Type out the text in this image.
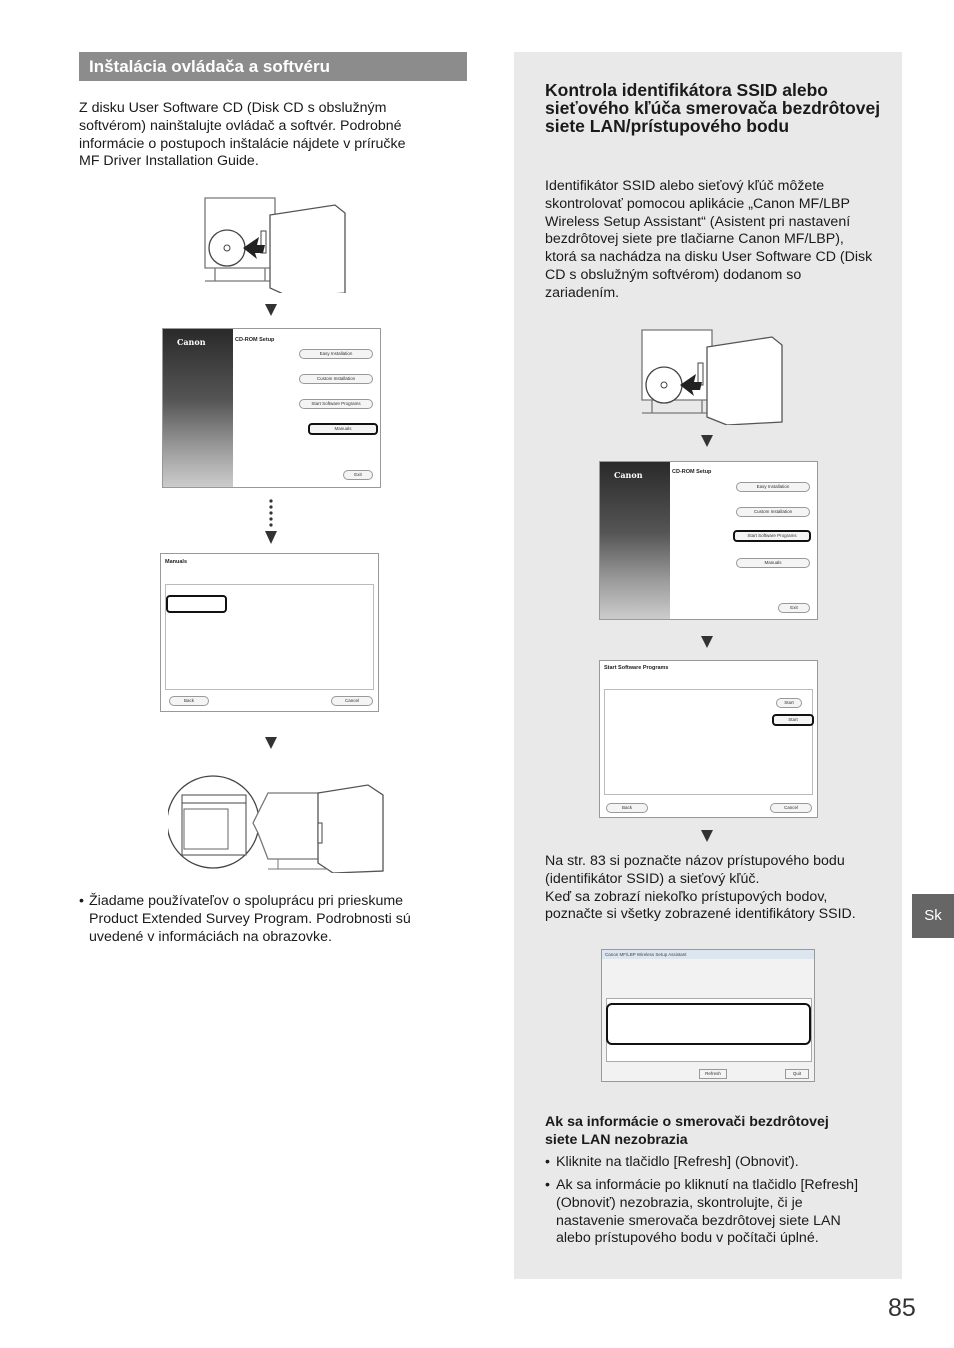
Inštalácia ovládača a softvéru
Z disku User Software CD (Disk CD s obslužným softvérom) nainštalujte ovládač a softvér. Podrobné informácie o postupoch inštalácie nájdete v príručke MF Driver Installation Guide.
Canon	CD-ROM Setup
Easy Installation
Custom Installation
Start Software Programs
Manuals
Exit
Manuals
Back	Cancel
• Žiadame používateľov o spoluprácu pri prieskume Product Extended Survey Program. Podrobnosti sú uvedené v informáciách na obrazovke.
Kontrola identifikátora SSID alebo sieťového kľúča smerovača bezdrôtovej siete LAN/prístupového bodu
Identifikátor SSID alebo sieťový kľúč môžete skontrolovať pomocou aplikácie „Canon MF/LBP Wireless Setup Assistant“ (Asistent pri nastavení bezdrôtovej siete pre tlačiarne Canon MF/LBP), ktorá sa nachádza na disku User Software CD (Disk CD s obslužným softvérom) dodanom so zariadením.
Canon	CD-ROM Setup
Easy Installation
Custom Installation
Start Software Programs
Manuals
Exit
Start Software Programs
Start
Start
Back	Cancel
Na str. 83 si poznačte názov prístupového bodu (identifikátor SSID) a sieťový kľúč.
Keď sa zobrazí niekoľko prístupových bodov, poznačte si všetky zobrazené identifikátory SSID.
Canon MF/LBP Wireless Setup Assistant
Refresh	Quit
Ak sa informácie o smerovači bezdrôtovej siete LAN nezobrazia
• Kliknite na tlačidlo [Refresh] (Obnoviť).
• Ak sa informácie po kliknutí na tlačidlo [Refresh] (Obnoviť) nezobrazia, skontrolujte, či je nastavenie smerovača bezdrôtovej siete LAN alebo prístupového bodu v počítači úplné.
Sk
85
